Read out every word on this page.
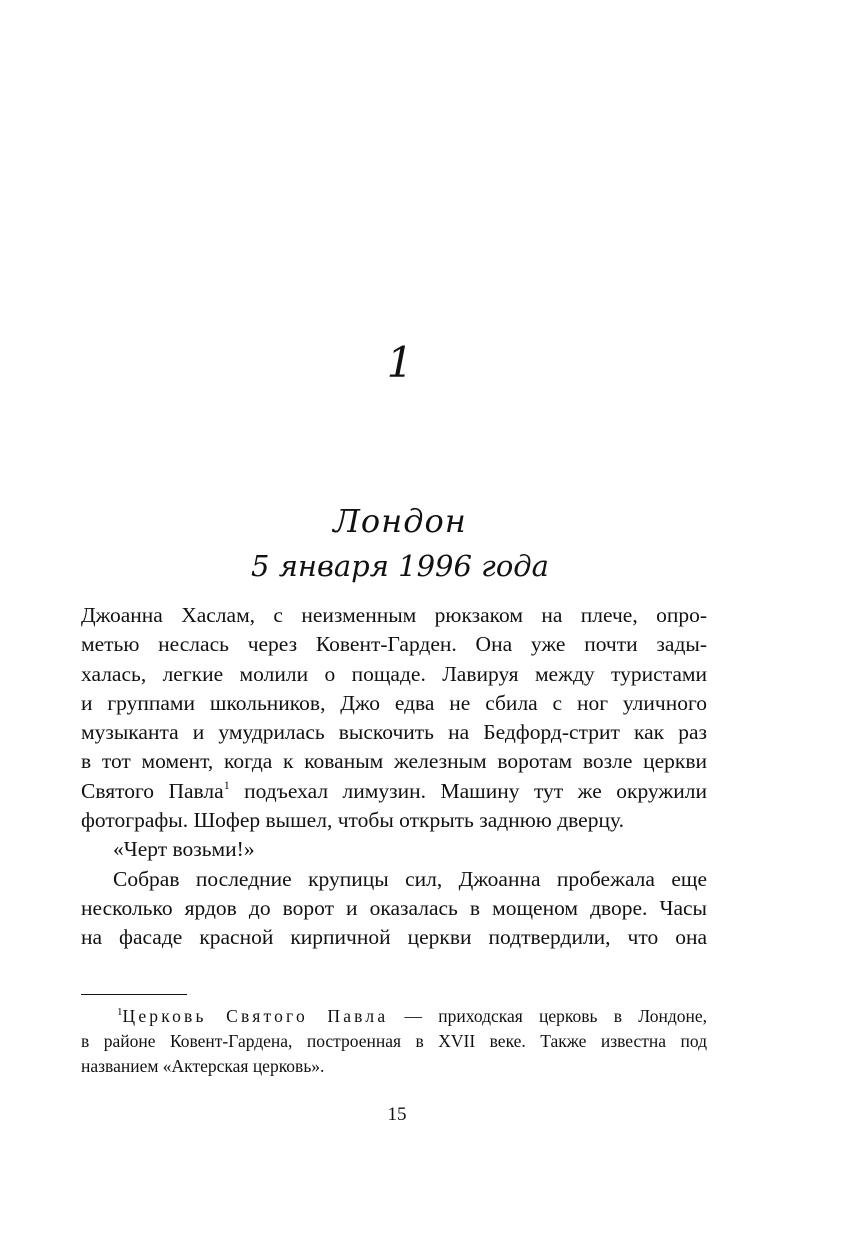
1
Лондон
5 января 1996 года
Джоанна Хаслам, с неизменным рюкзаком на плече, опро-
метью неслась через Ковент-Гарден. Она уже почти зады-
халась, легкие молили о пощаде. Лавируя между туристами
и группами школьников, Джо едва не сбила с ног уличного
музыканта и умудрилась выскочить на Бедфорд-стрит как раз
в тот момент, когда к кованым железным воротам возле церкви
Святого Павла$^1$ подъехал лимузин. Машину тут же окружили
фотографы. Шофер вышел, чтобы открыть заднюю дверцу.
«Черт возьми!»
Собрав последние крупицы сил, Джоанна пробежала еще
несколько ярдов до ворот и оказалась в мощеном дворе. Часы
на фасаде красной кирпичной церкви подтвердили, что она
$^1$Церковь Святого Павла — приходская церковь в Лондоне,
в районе Ковент-Гардена, построенная в XVII веке. Также известна под
названием «Актерская церковь».
15
